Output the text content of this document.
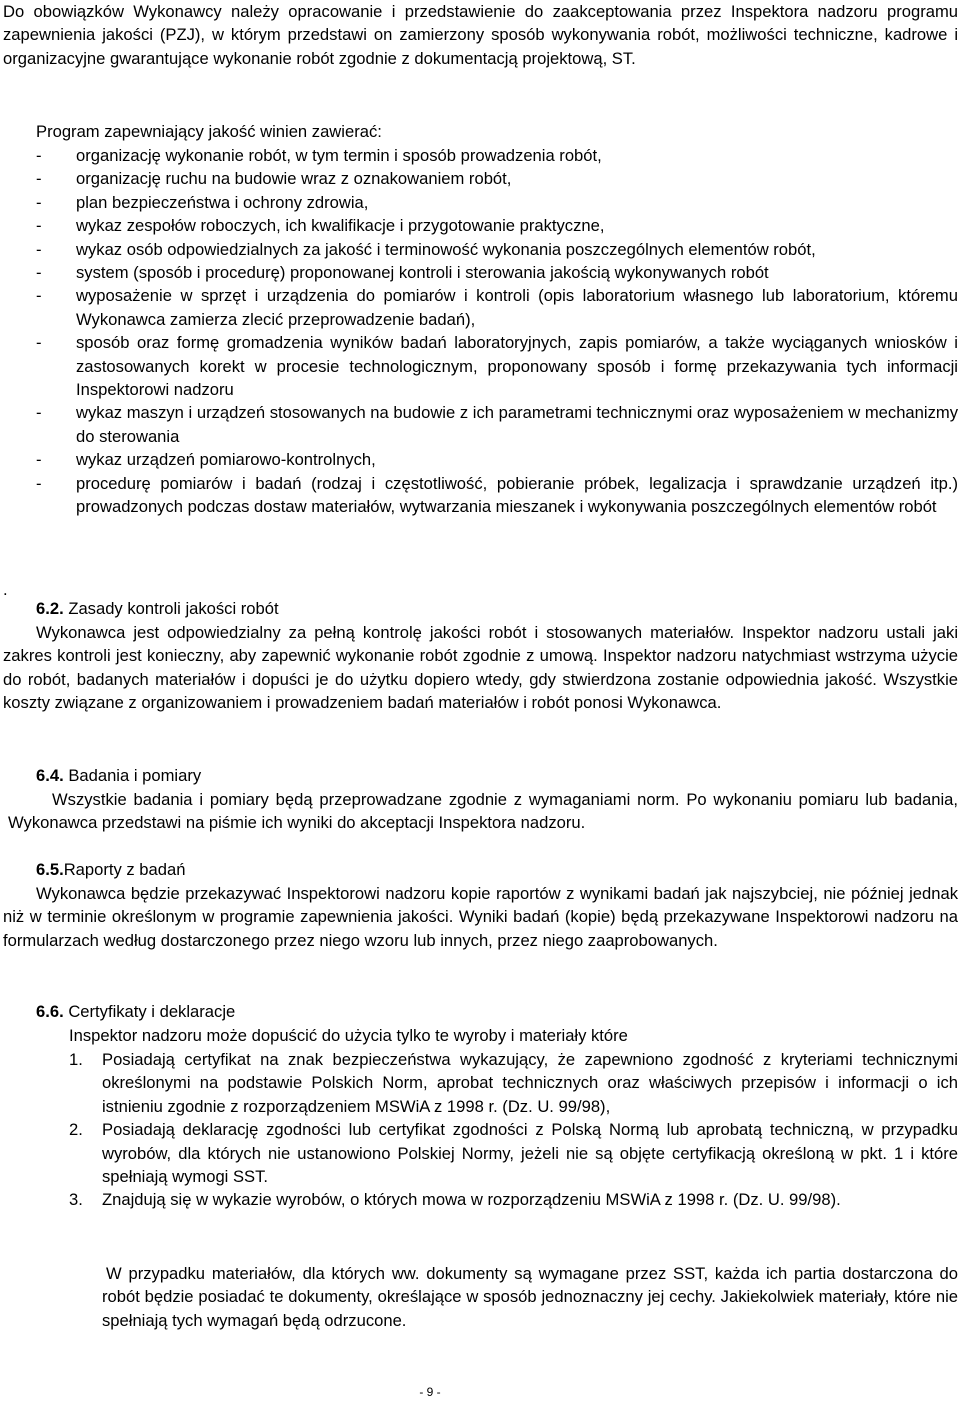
Do obowiązków Wykonawcy należy opracowanie i przedstawienie do zaakceptowania przez Inspektora nadzoru programu zapewnienia jakości (PZJ), w którym przedstawi on zamierzony sposób wykonywania robót, możliwości techniczne, kadrowe i organizacyjne gwarantujące wykonanie robót zgodnie z dokumentacją projektową, ST.

Program zapewniający jakość winien zawierać:
- organizację wykonanie robót, w tym termin i sposób prowadzenia robót,
- organizację ruchu na budowie wraz z oznakowaniem robót,
- plan bezpieczeństwa i ochrony zdrowia,
- wykaz zespołów roboczych, ich kwalifikacje i przygotowanie praktyczne,
- wykaz osób odpowiedzialnych za jakość i terminowość wykonania poszczególnych elementów robót,
- system (sposób i procedurę) proponowanej kontroli i sterowania jakością wykonywanych robót
- wyposażenie w sprzęt i urządzenia do pomiarów i kontroli (opis laboratorium własnego lub laboratorium, któremu Wykonawca zamierza zlecić przeprowadzenie badań),
- sposób oraz formę gromadzenia wyników badań laboratoryjnych, zapis pomiarów, a także wyciąganych wniosków i zastosowanych korekt w procesie technologicznym, proponowany sposób i formę przekazywania tych informacji Inspektorowi nadzoru
- wykaz maszyn i urządzeń stosowanych na budowie z ich parametrami technicznymi oraz wyposażeniem w mechanizmy do sterowania
- wykaz urządzeń pomiarowo-kontrolnych,
- procedurę pomiarów i badań (rodzaj i częstotliwość, pobieranie próbek, legalizacja i sprawdzanie urządzeń itp.) prowadzonych podczas dostaw materiałów, wytwarzania mieszanek i wykonywania poszczególnych elementów robót
.
6.2. Zasady kontroli jakości robót

Wykonawca jest odpowiedzialny za pełną kontrolę jakości robót i stosowanych materiałów. Inspektor nadzoru ustali jaki zakres kontroli jest konieczny, aby zapewnić wykonanie robót zgodnie z umową. Inspektor nadzoru natychmiast wstrzyma użycie do robót, badanych materiałów i dopuści je do użytku dopiero wtedy, gdy stwierdzona zostanie odpowiednia jakość. Wszystkie koszty związane z organizowaniem i prowadzeniem badań materiałów i robót ponosi Wykonawca.

6.4. Badania i pomiary

Wszystkie badania i pomiary będą przeprowadzane zgodnie z wymaganiami norm. Po wykonaniu pomiaru lub badania, Wykonawca przedstawi na piśmie ich wyniki do akceptacji Inspektora nadzoru.

6.5.Raporty z badań

Wykonawca będzie przekazywać Inspektorowi nadzoru kopie raportów z wynikami badań jak najszybciej, nie później jednak niż w terminie określonym w programie zapewnienia jakości. Wyniki badań (kopie) będą przekazywane Inspektorowi nadzoru na formularzach według dostarczonego przez niego wzoru lub innych, przez niego zaaprobowanych.

6.6. Certyfikaty i deklaracje
Inspektor nadzoru może dopuścić do użycia tylko te wyroby i materiały które
1. Posiadają certyfikat na znak bezpieczeństwa wykazujący, że zapewniono zgodność z kryteriami technicznymi określonymi na podstawie Polskich Norm, aprobat technicznych oraz właściwych przepisów i informacji o ich istnieniu zgodnie z rozporządzeniem MSWiA z 1998 r. (Dz. U. 99/98),
2. Posiadają deklarację zgodności lub certyfikat zgodności z Polską Normą lub aprobatą techniczną, w przypadku wyrobów, dla których nie ustanowiono Polskiej Normy, jeżeli nie są objęte certyfikacją określoną w pkt. 1 i które spełniają wymogi SST.
3. Znajdują się w wykazie wyrobów, o których mowa w rozporządzeniu MSWiA z 1998 r. (Dz. U. 99/98).

W przypadku materiałów, dla których ww. dokumenty są wymagane przez SST, każda ich partia dostarczona do robót będzie posiadać te dokumenty, określające w sposób jednoznaczny jej cechy. Jakiekolwiek materiały, które nie spełniają tych wymagań będą odrzucone.

- 9 -
